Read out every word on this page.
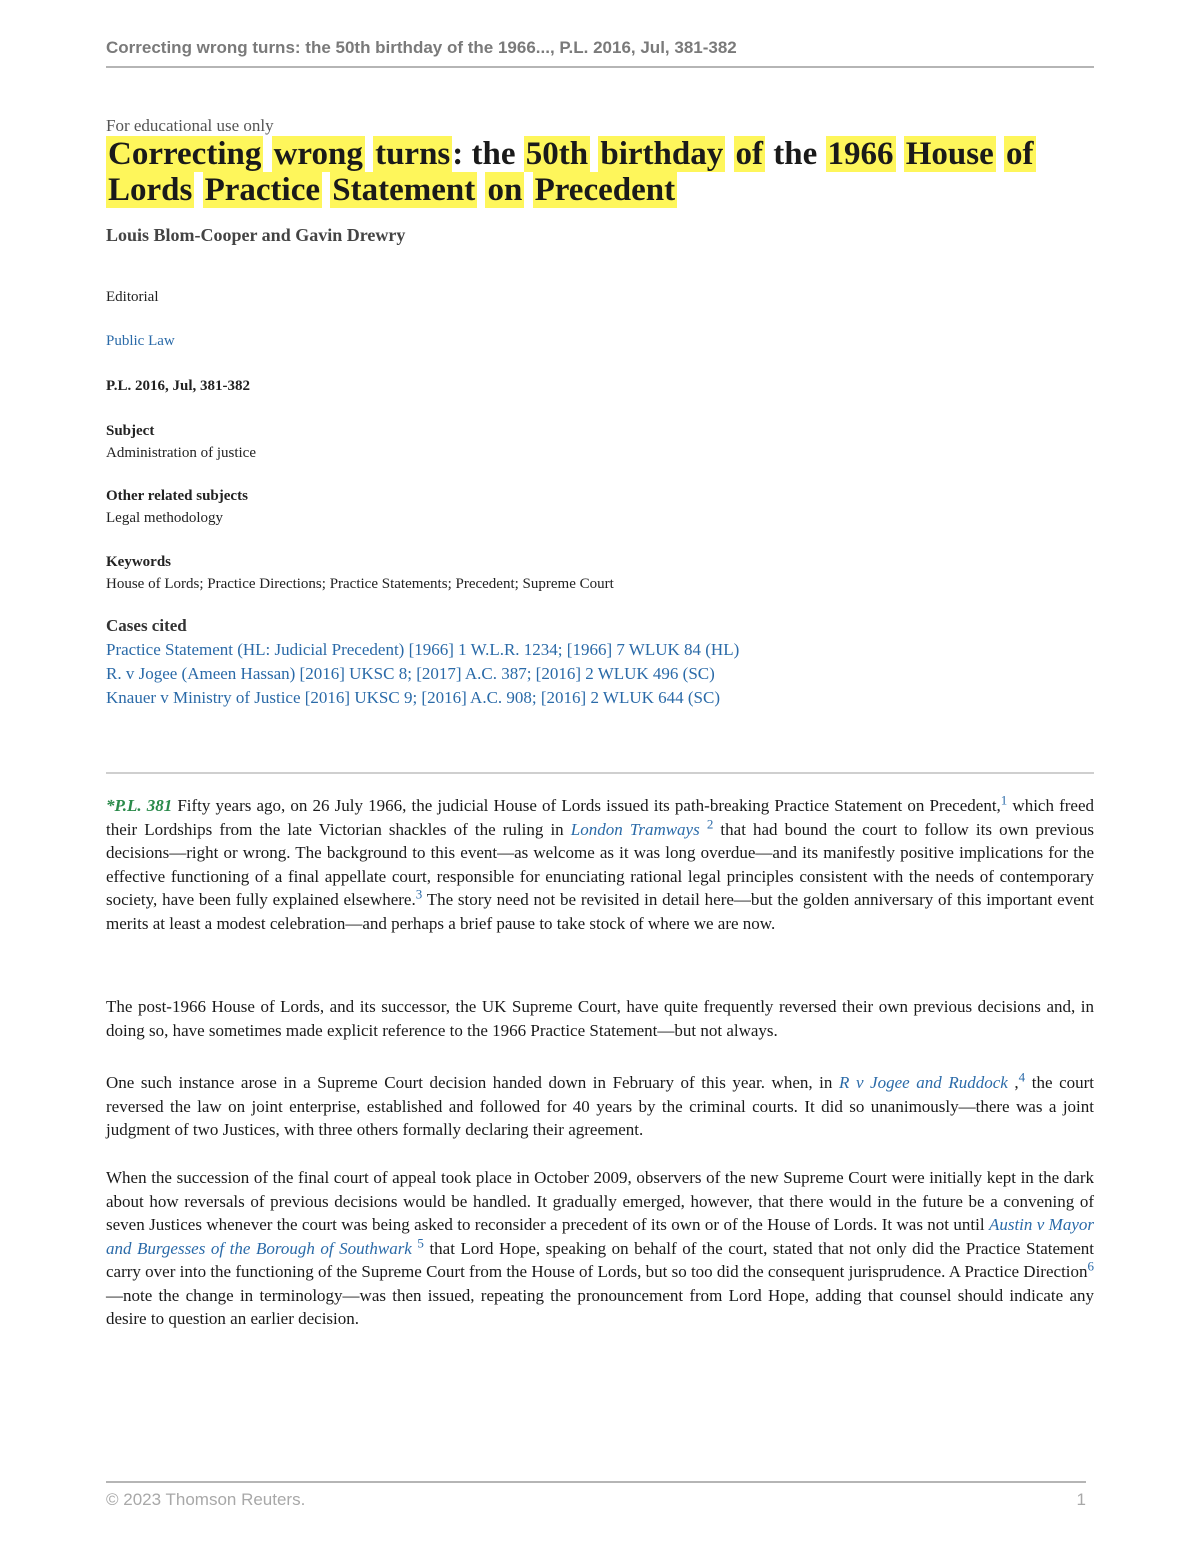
Correcting wrong turns: the 50th birthday of the 1966..., P.L. 2016, Jul, 381-382
For educational use only
Correcting wrong turns: the 50th birthday of the 1966 House of Lords Practice Statement on Precedent
Louis Blom-Cooper and Gavin Drewry
Editorial
Public Law
P.L. 2016, Jul, 381-382
Subject
Administration of justice
Other related subjects
Legal methodology
Keywords
House of Lords; Practice Directions; Practice Statements; Precedent; Supreme Court
Cases cited
Practice Statement (HL: Judicial Precedent) [1966] 1 W.L.R. 1234; [1966] 7 WLUK 84 (HL)
R. v Jogee (Ameen Hassan) [2016] UKSC 8; [2017] A.C. 387; [2016] 2 WLUK 496 (SC)
Knauer v Ministry of Justice [2016] UKSC 9; [2016] A.C. 908; [2016] 2 WLUK 644 (SC)

*P.L. 381 Fifty years ago, on 26 July 1966, the judicial House of Lords issued its path-breaking Practice Statement on Precedent,$^1$ which freed their Lordships from the late Victorian shackles of the ruling in London Tramways $^2$ that had bound the court to follow its own previous decisions—right or wrong. The background to this event—as welcome as it was long overdue—and its manifestly positive implications for the effective functioning of a final appellate court, responsible for enunciating rational legal principles consistent with the needs of contemporary society, have been fully explained elsewhere.$^3$ The story need not be revisited in detail here—but the golden anniversary of this important event merits at least a modest celebration—and perhaps a brief pause to take stock of where we are now.

The post-1966 House of Lords, and its successor, the UK Supreme Court, have quite frequently reversed their own previous decisions and, in doing so, have sometimes made explicit reference to the 1966 Practice Statement—but not always.

One such instance arose in a Supreme Court decision handed down in February of this year. when, in R v Jogee and Ruddock ,$^4$ the court reversed the law on joint enterprise, established and followed for 40 years by the criminal courts. It did so unanimously—there was a joint judgment of two Justices, with three others formally declaring their agreement.

When the succession of the final court of appeal took place in October 2009, observers of the new Supreme Court were initially kept in the dark about how reversals of previous decisions would be handled. It gradually emerged, however, that there would in the future be a convening of seven Justices whenever the court was being asked to reconsider a precedent of its own or of the House of Lords. It was not until Austin v Mayor and Burgesses of the Borough of Southwark $^5$ that Lord Hope, speaking on behalf of the court, stated that not only did the Practice Statement carry over into the functioning of the Supreme Court from the House of Lords, but so too did the consequent jurisprudence. A Practice Direction$^6$ —note the change in terminology—was then issued, repeating the pronouncement from Lord Hope, adding that counsel should indicate any desire to question an earlier decision.

© 2023 Thomson Reuters.	1
